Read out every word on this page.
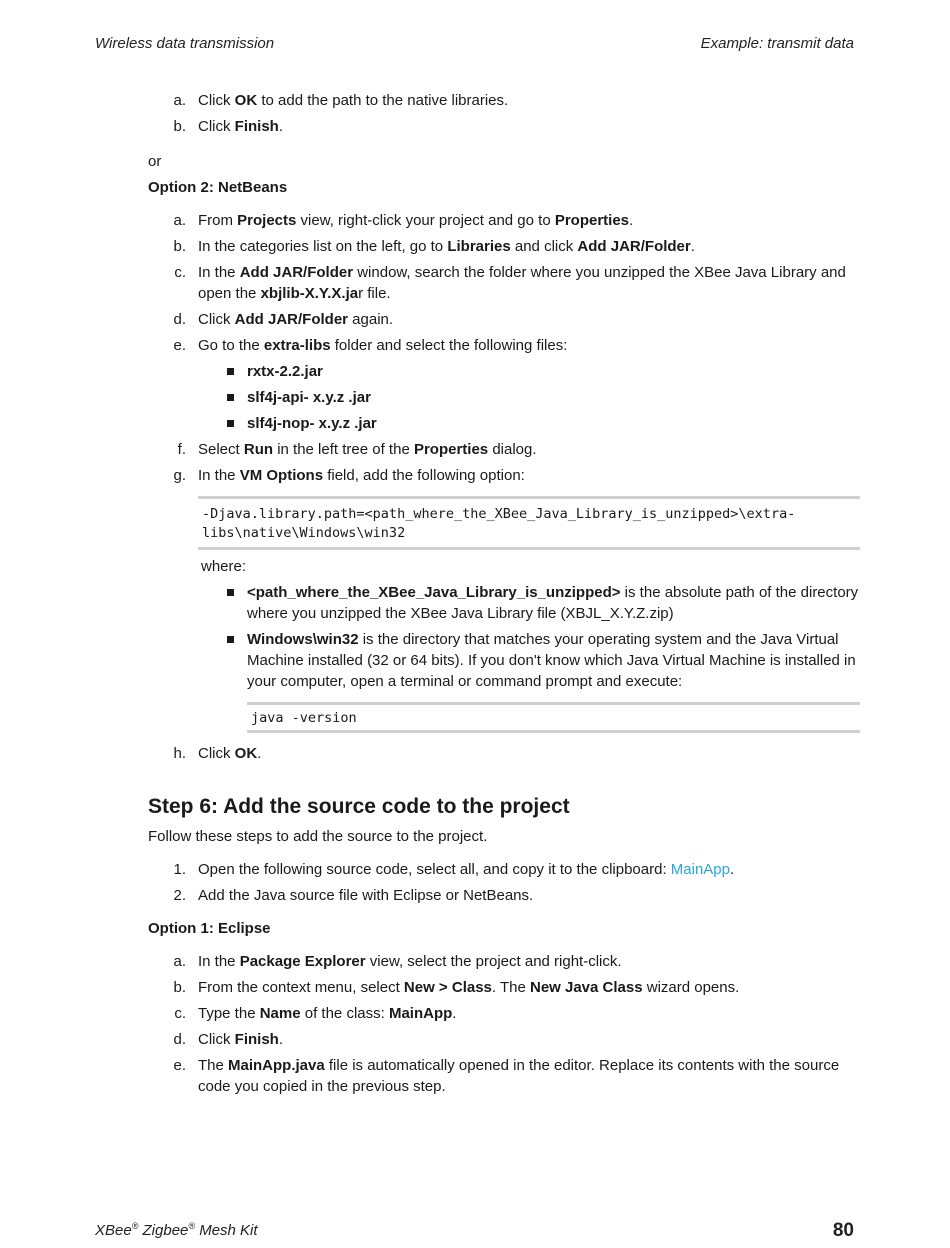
Wireless data transmission	Example: transmit data
a. Click OK to add the path to the native libraries.
b. Click Finish.
or
Option 2: NetBeans
a. From Projects view, right-click your project and go to Properties.
b. In the categories list on the left, go to Libraries and click Add JAR/Folder.
c. In the Add JAR/Folder window, search the folder where you unzipped the XBee Java Library and open the xbjlib-X.Y.X.jar file.
d. Click Add JAR/Folder again.
e. Go to the extra-libs folder and select the following files:
rxtx-2.2.jar
slf4j-api- x.y.z .jar
slf4j-nop- x.y.z .jar
f. Select Run in the left tree of the Properties dialog.
g. In the VM Options field, add the following option:
-Djava.library.path=<path_where_the_XBee_Java_Library_is_unzipped>\extra-
libs\native\Windows\win32
where:
<path_where_the_XBee_Java_Library_is_unzipped> is the absolute path of the directory where you unzipped the XBee Java Library file (XBJL_X.Y.Z.zip)
Windows\win32 is the directory that matches your operating system and the Java Virtual Machine installed (32 or 64 bits). If you don't know which Java Virtual Machine is installed in your computer, open a terminal or command prompt and execute:
java -version
h. Click OK.
Step 6: Add the source code to the project
Follow these steps to add the source to the project.
1. Open the following source code, select all, and copy it to the clipboard: MainApp.
2. Add the Java source file with Eclipse or NetBeans.
Option 1: Eclipse
a. In the Package Explorer view, select the project and right-click.
b. From the context menu, select New > Class. The New Java Class wizard opens.
c. Type the Name of the class: MainApp.
d. Click Finish.
e. The MainApp.java file is automatically opened in the editor. Replace its contents with the source code you copied in the previous step.
XBee® Zigbee® Mesh Kit	80
